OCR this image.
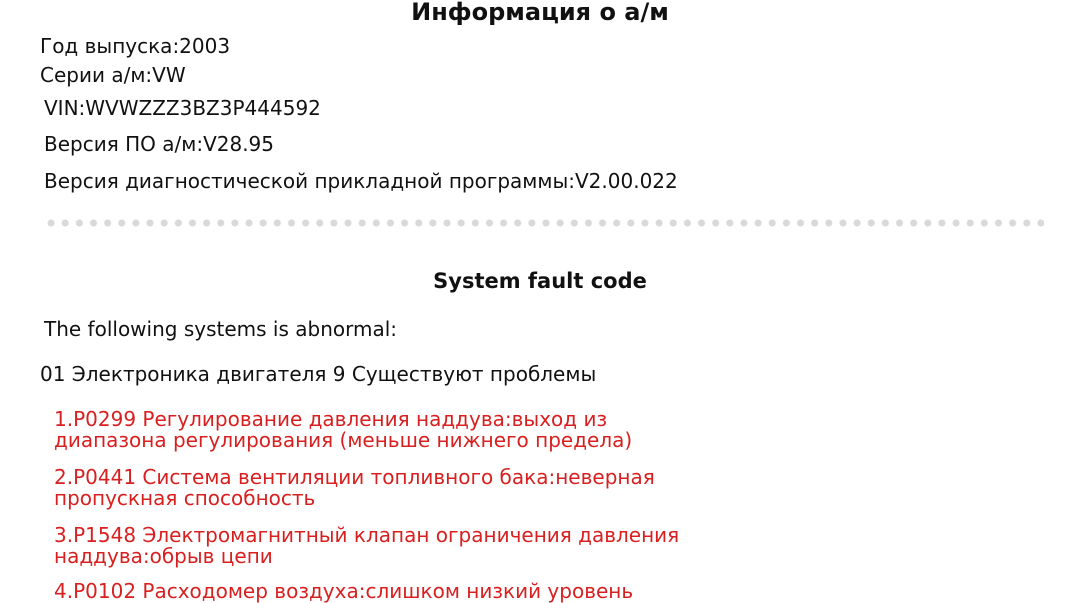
Информация о а/м
Год выпуска:2003
Серии а/м:VW
VIN:WVWZZZ3BZ3P444592
Версия ПО а/м:V28.95
Версия диагностической прикладной программы:V2.00.022
System fault code
The following systems is abnormal:
01 Электроника двигателя 9 Существуют проблемы
1.P0299 Регулирование давления наддува:выход из диапазона регулирования (меньше нижнего предела)
2.P0441 Система вентиляции топливного бака:неверная пропускная способность
3.P1548 Электромагнитный клапан ограничения давления наддува:обрыв цепи
4.P0102 Расходомер воздуха:слишком низкий уровень
